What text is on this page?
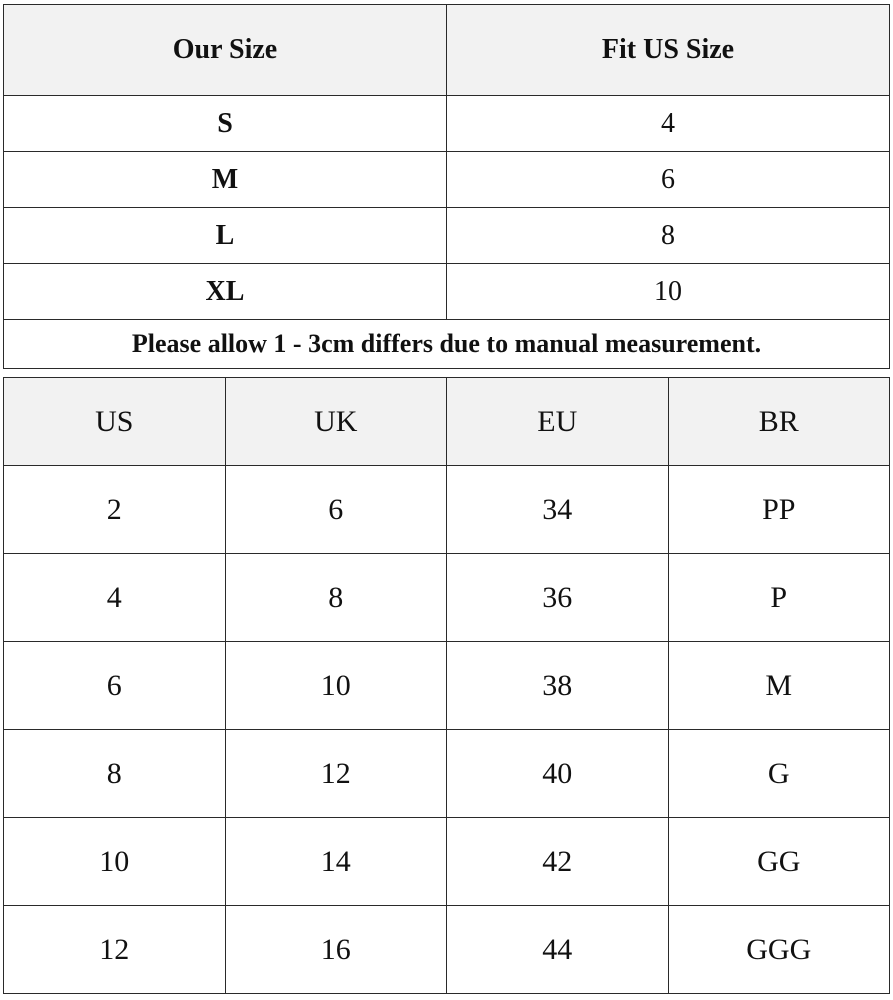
Our Size	Fit US Size
S	4
M	6
L	8
XL	10
Please allow 1 - 3cm differs due to manual measurement.	
US	UK	EU	BR
2	6	34	PP
4	8	36	P
6	10	38	M
8	12	40	G
10	14	42	GG
12	16	44	GGG
